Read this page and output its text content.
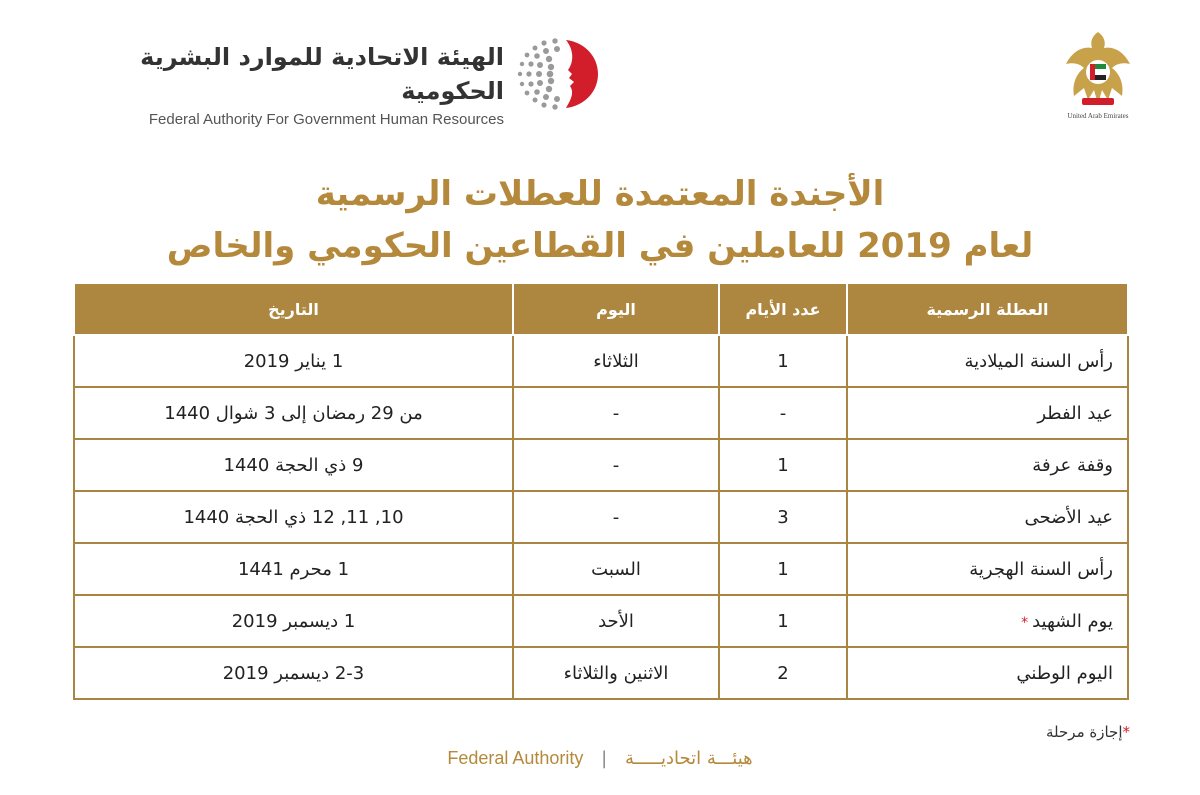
الهيئة الاتحادية للموارد البشرية الحكومية
Federal Authority For Government Human Resources	United Arab Emirates
الأجندة المعتمدة للعطلات الرسمية
لعام 2019 للعاملين في القطاعين الحكومي والخاص
العطلة الرسمية	عدد الأيام	اليوم	التاريخ
رأس السنة الميلادية	1	الثلاثاء	1 يناير 2019
عيد الفطر	-	-	من 29 رمضان إلى 3 شوال 1440
وقفة عرفة	1	-	9 ذي الحجة 1440
عيد الأضحى	3	-	10, 11, 12 ذي الحجة 1440
رأس السنة الهجرية	1	السبت	1 محرم 1441
يوم الشهيد*	1	الأحد	1 ديسمبر 2019
اليوم الوطني	2	الاثنين والثلاثاء	2-3 ديسمبر 2019
*إجازة مرحلة
Federal Authority | هيئـــة اتحاديـــــة
